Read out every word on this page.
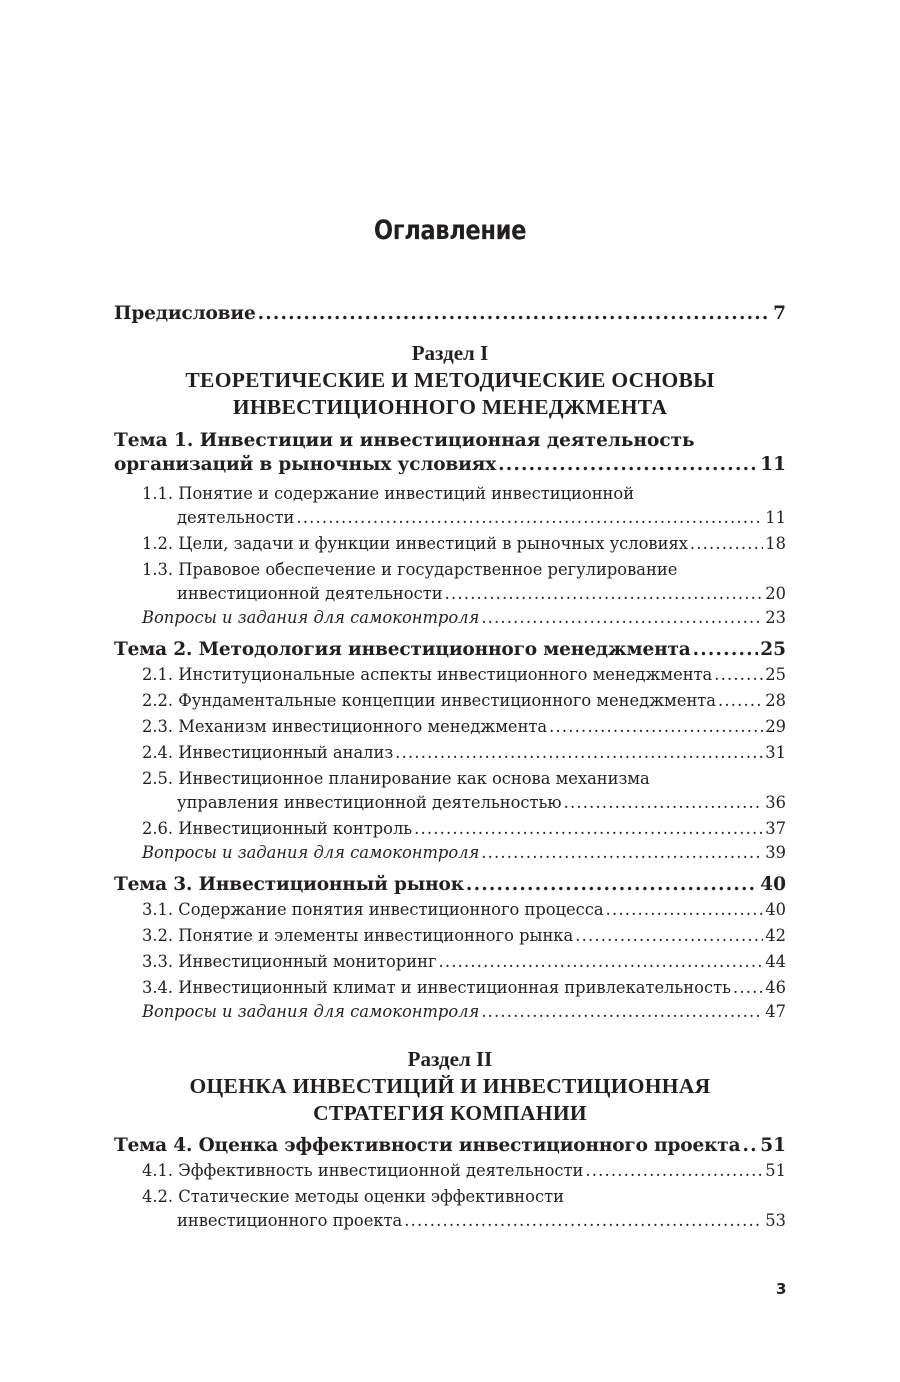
Оглавление
Предисловие .....	7
Раздел I
ТЕОРЕТИЧЕСКИЕ И МЕТОДИЧЕСКИЕ ОСНОВЫ
ИНВЕСТИЦИОННОГО МЕНЕДЖМЕНТА
Тема 1. Инвестиции и инвестиционная деятельность
организаций в рыночных условиях .....	11
1.1. Понятие и содержание инвестиций инвестиционной
деятельности .....	11
1.2. Цели, задачи и функции инвестиций в рыночных условиях .....	18
1.3. Правовое обеспечение и государственное регулирование
инвестиционной деятельности .....	20
Вопросы и задания для самоконтроля .....	23
Тема 2. Методология инвестиционного менеджмента .....	25
2.1. Институциональные аспекты инвестиционного менеджмента .....	25
2.2. Фундаментальные концепции инвестиционного менеджмента .....	28
2.3. Механизм инвестиционного менеджмента .....	29
2.4. Инвестиционный анализ .....	31
2.5. Инвестиционное планирование как основа механизма
управления инвестиционной деятельностью .....	36
2.6. Инвестиционный контроль .....	37
Вопросы и задания для самоконтроля .....	39
Тема 3. Инвестиционный рынок .....	40
3.1. Содержание понятия инвестиционного процесса .....	40
3.2. Понятие и элементы инвестиционного рынка .....	42
3.3. Инвестиционный мониторинг .....	44
3.4. Инвестиционный климат и инвестиционная привлекательность ..... 46
Вопросы и задания для самоконтроля .....	47
Раздел II
ОЦЕНКА ИНВЕСТИЦИЙ И ИНВЕСТИЦИОННАЯ
СТРАТЕГИЯ КОМПАНИИ
Тема 4. Оценка эффективности инвестиционного проекта ..... 51
4.1. Эффективность инвестиционной деятельности .....	51
4.2. Статические методы оценки эффективности
инвестиционного проекта .....	53
3
